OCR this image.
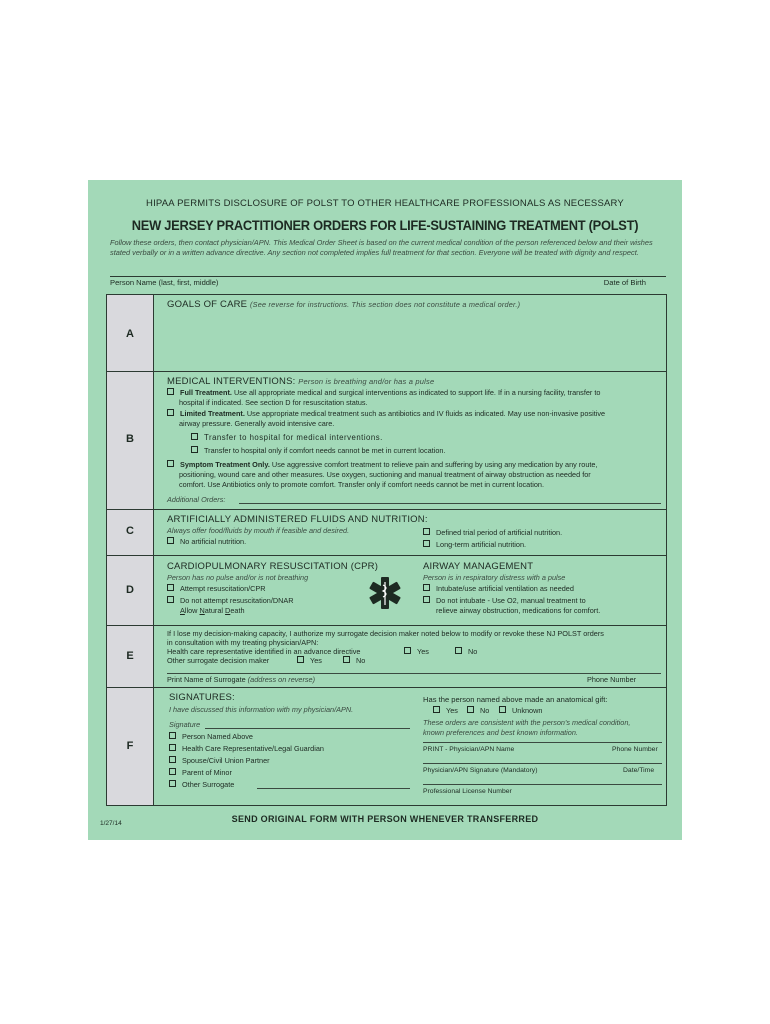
HIPAA PERMITS DISCLOSURE OF POLST TO OTHER HEALTHCARE PROFESSIONALS AS NECESSARY
NEW JERSEY PRACTITIONER ORDERS FOR LIFE-SUSTAINING TREATMENT (POLST)
Follow these orders, then contact physician/APN. This Medical Order Sheet is based on the current medical condition of the person referenced below and their wishes stated verbally or in a written advance directive. Any section not completed implies full treatment for that section. Everyone will be treated with dignity and respect.
Person Name (last, first, middle)	Date of Birth
A
GOALS OF CARE (See reverse for instructions. This section does not constitute a medical order.)
B
MEDICAL INTERVENTIONS: Person is breathing and/or has a pulse
Full Treatment. Use all appropriate medical and surgical interventions as indicated to support life. If in a nursing facility, transfer to
hospital if indicated. See section D for resuscitation status.
Limited Treatment. Use appropriate medical treatment such as antibiotics and IV fluids as indicated. May use non-invasive positive
airway pressure. Generally avoid intensive care.
Transfer to hospital for medical interventions.
Transfer to hospital only if comfort needs cannot be met in current location.
Symptom Treatment Only. Use aggressive comfort treatment to relieve pain and suffering by using any medication by any route,
positioning, wound care and other measures. Use oxygen, suctioning and manual treatment of airway obstruction as needed for
comfort. Use Antibiotics only to promote comfort. Transfer only if comfort needs cannot be met in current location.
Additional Orders:
C
ARTIFICIALLY ADMINISTERED FLUIDS AND NUTRITION:
Always offer food/fluids by mouth if feasible and desired.
No artificial nutrition.
Defined trial period of artificial nutrition.
Long-term artificial nutrition.
D
CARDIOPULMONARY RESUSCITATION (CPR)
Person has no pulse and/or is not breathing
Attempt resuscitation/CPR
Do not attempt resuscitation/DNAR
Allow Natural Death
AIRWAY MANAGEMENT
Person is in respiratory distress with a pulse
Intubate/use artificial ventilation as needed
Do not intubate - Use O2, manual treatment to
relieve airway obstruction, medications for comfort.
E
If I lose my decision-making capacity, I authorize my surrogate decision maker noted below to modify or revoke these NJ POLST orders
in consultation with my treating physician/APN:
Health care representative identified in an advance directive	Yes	No
Other surrogate decision maker	Yes	No
Print Name of Surrogate (address on reverse)	Phone Number
F
SIGNATURES:
I have discussed this information with my physician/APN.
Signature
Person Named Above
Health Care Representative/Legal Guardian
Spouse/Civil Union Partner
Parent of Minor
Other Surrogate
Has the person named above made an anatomical gift:
Yes	No	Unknown
These orders are consistent with the person's medical condition,
known preferences and best known information.
PRINT - Physician/APN Name	Phone Number
Physician/APN Signature (Mandatory)	Date/Time
Professional License Number
1/27/14	SEND ORIGINAL FORM WITH PERSON WHENEVER TRANSFERRED
